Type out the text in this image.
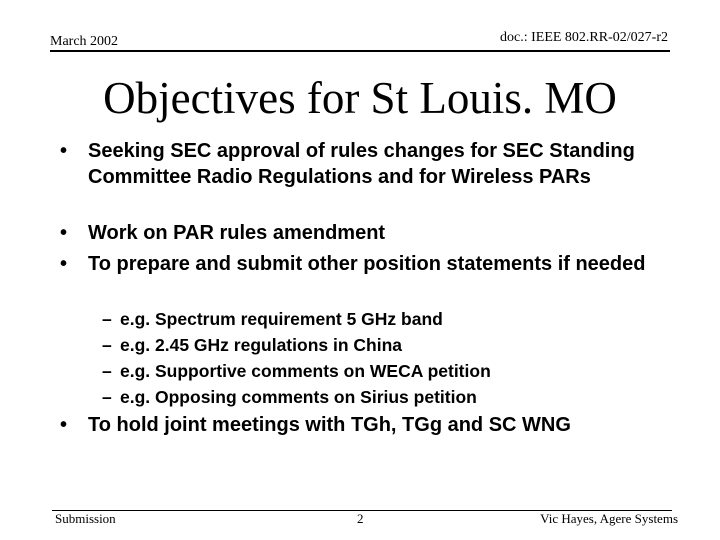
March 2002	doc.: IEEE 802.RR-02/027-r2
Objectives for St Louis. MO
•	Seeking SEC approval of rules changes for SEC Standing Committee Radio Regulations and for Wireless PARs
•	Work on PAR rules amendment
•	To prepare and submit other position statements if needed
– e.g. Spectrum requirement 5 GHz band
– e.g. 2.45 GHz regulations in China
– e.g. Supportive comments on WECA petition
– e.g. Opposing comments on Sirius petition
•	To hold joint meetings with TGh, TGg and SC WNG
Submission	2	Vic Hayes, Agere Systems
